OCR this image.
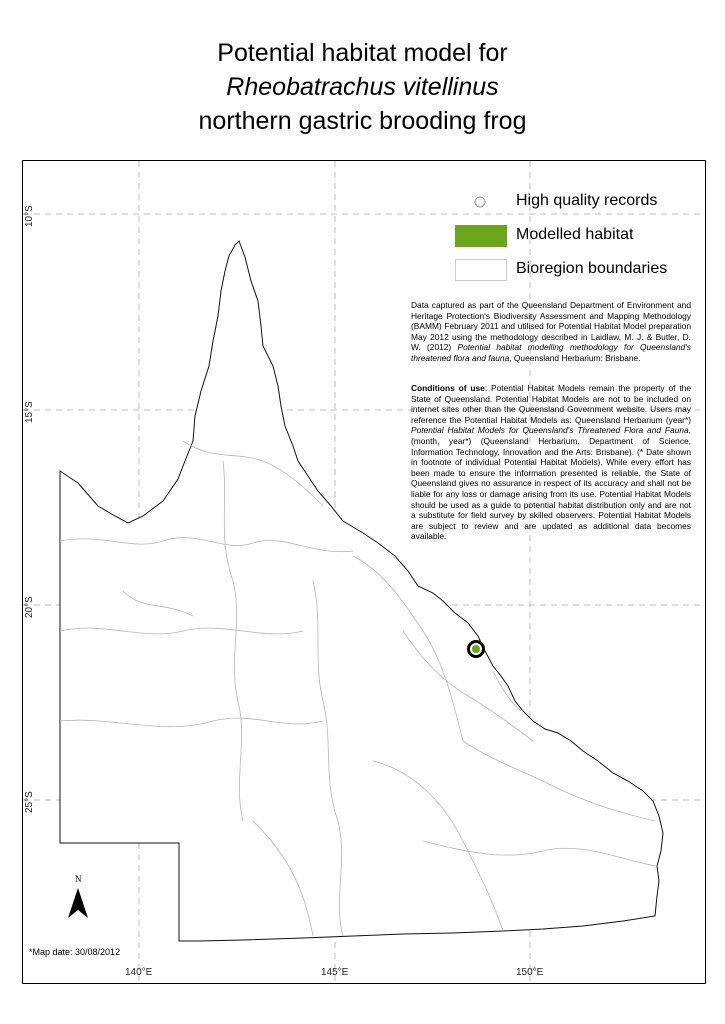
Potential habitat model for
Rheobatrachus vitellinus
northern gastric brooding frog
10°S
15°S
20°S
25°S
140°E	145°E	150°E
High quality records
Modelled habitat
Bioregion boundaries
Data captured as part of the Queensland Department of Environment and Heritage Protection's Biodiversity Assessment and Mapping Methodology (BAMM) February 2011 and utilised for Potential Habitat Model preparation May 2012 using the methodology described in Laidlaw, M. J. & Butler, D. W. (2012) Potential habitat modelling methodology for Queensland's threatened flora and fauna, Queensland Herbarium: Brisbane.
Conditions of use: Potential Habitat Models remain the property of the State of Queensland. Potential Habitat Models are not to be included on internet sites other than the Queensland Government website. Users may reference the Potential Habitat Models as: Queensland Herbarium (year*) Potential Habitat Models for Queensland's Threatened Flora and Fauna, (month, year*) (Queensland Herbarium, Department of Science, Information Technology, Innovation and the Arts: Brisbane). (* Date shown in footnote of individual Potential Habitat Models). While every effort has been made to ensure the information presented is reliable, the State of Queensland gives no assurance in respect of its accuracy and shall not be liable for any loss or damage arising from its use. Potential Habitat Models should be used as a guide to potential habitat distribution only and are not a substitute for field survey by skilled observers. Potential Habitat Models are subject to review and are updated as additional data becomes available.
N
*Map date: 30/08/2012
